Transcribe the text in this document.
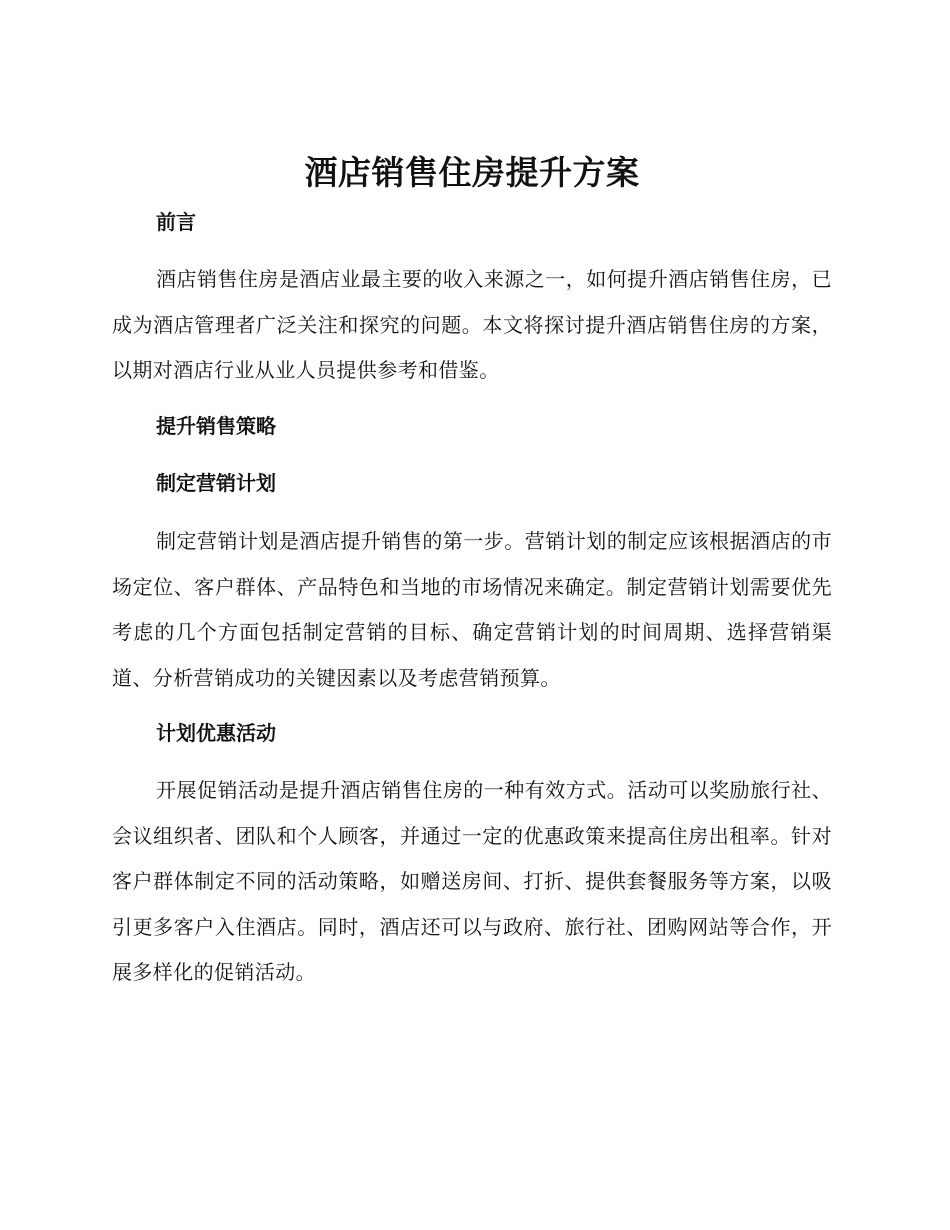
酒店销售住房提升方案
前言

酒店销售住房是酒店业最主要的收入来源之一，如何提升酒店销售住房，已成为酒店管理者广泛关注和探究的问题。本文将探讨提升酒店销售住房的方案，以期对酒店行业从业人员提供参考和借鉴。

提升销售策略
制定营销计划

制定营销计划是酒店提升销售的第一步。营销计划的制定应该根据酒店的市场定位、客户群体、产品特色和当地的市场情况来确定。制定营销计划需要优先考虑的几个方面包括制定营销的目标、确定营销计划的时间周期、选择营销渠道、分析营销成功的关键因素以及考虑营销预算。

计划优惠活动

开展促销活动是提升酒店销售住房的一种有效方式。活动可以奖励旅行社、会议组织者、团队和个人顾客，并通过一定的优惠政策来提高住房出租率。针对客户群体制定不同的活动策略，如赠送房间、打折、提供套餐服务等方案，以吸引更多客户入住酒店。同时，酒店还可以与政府、旅行社、团购网站等合作，开展多样化的促销活动。
